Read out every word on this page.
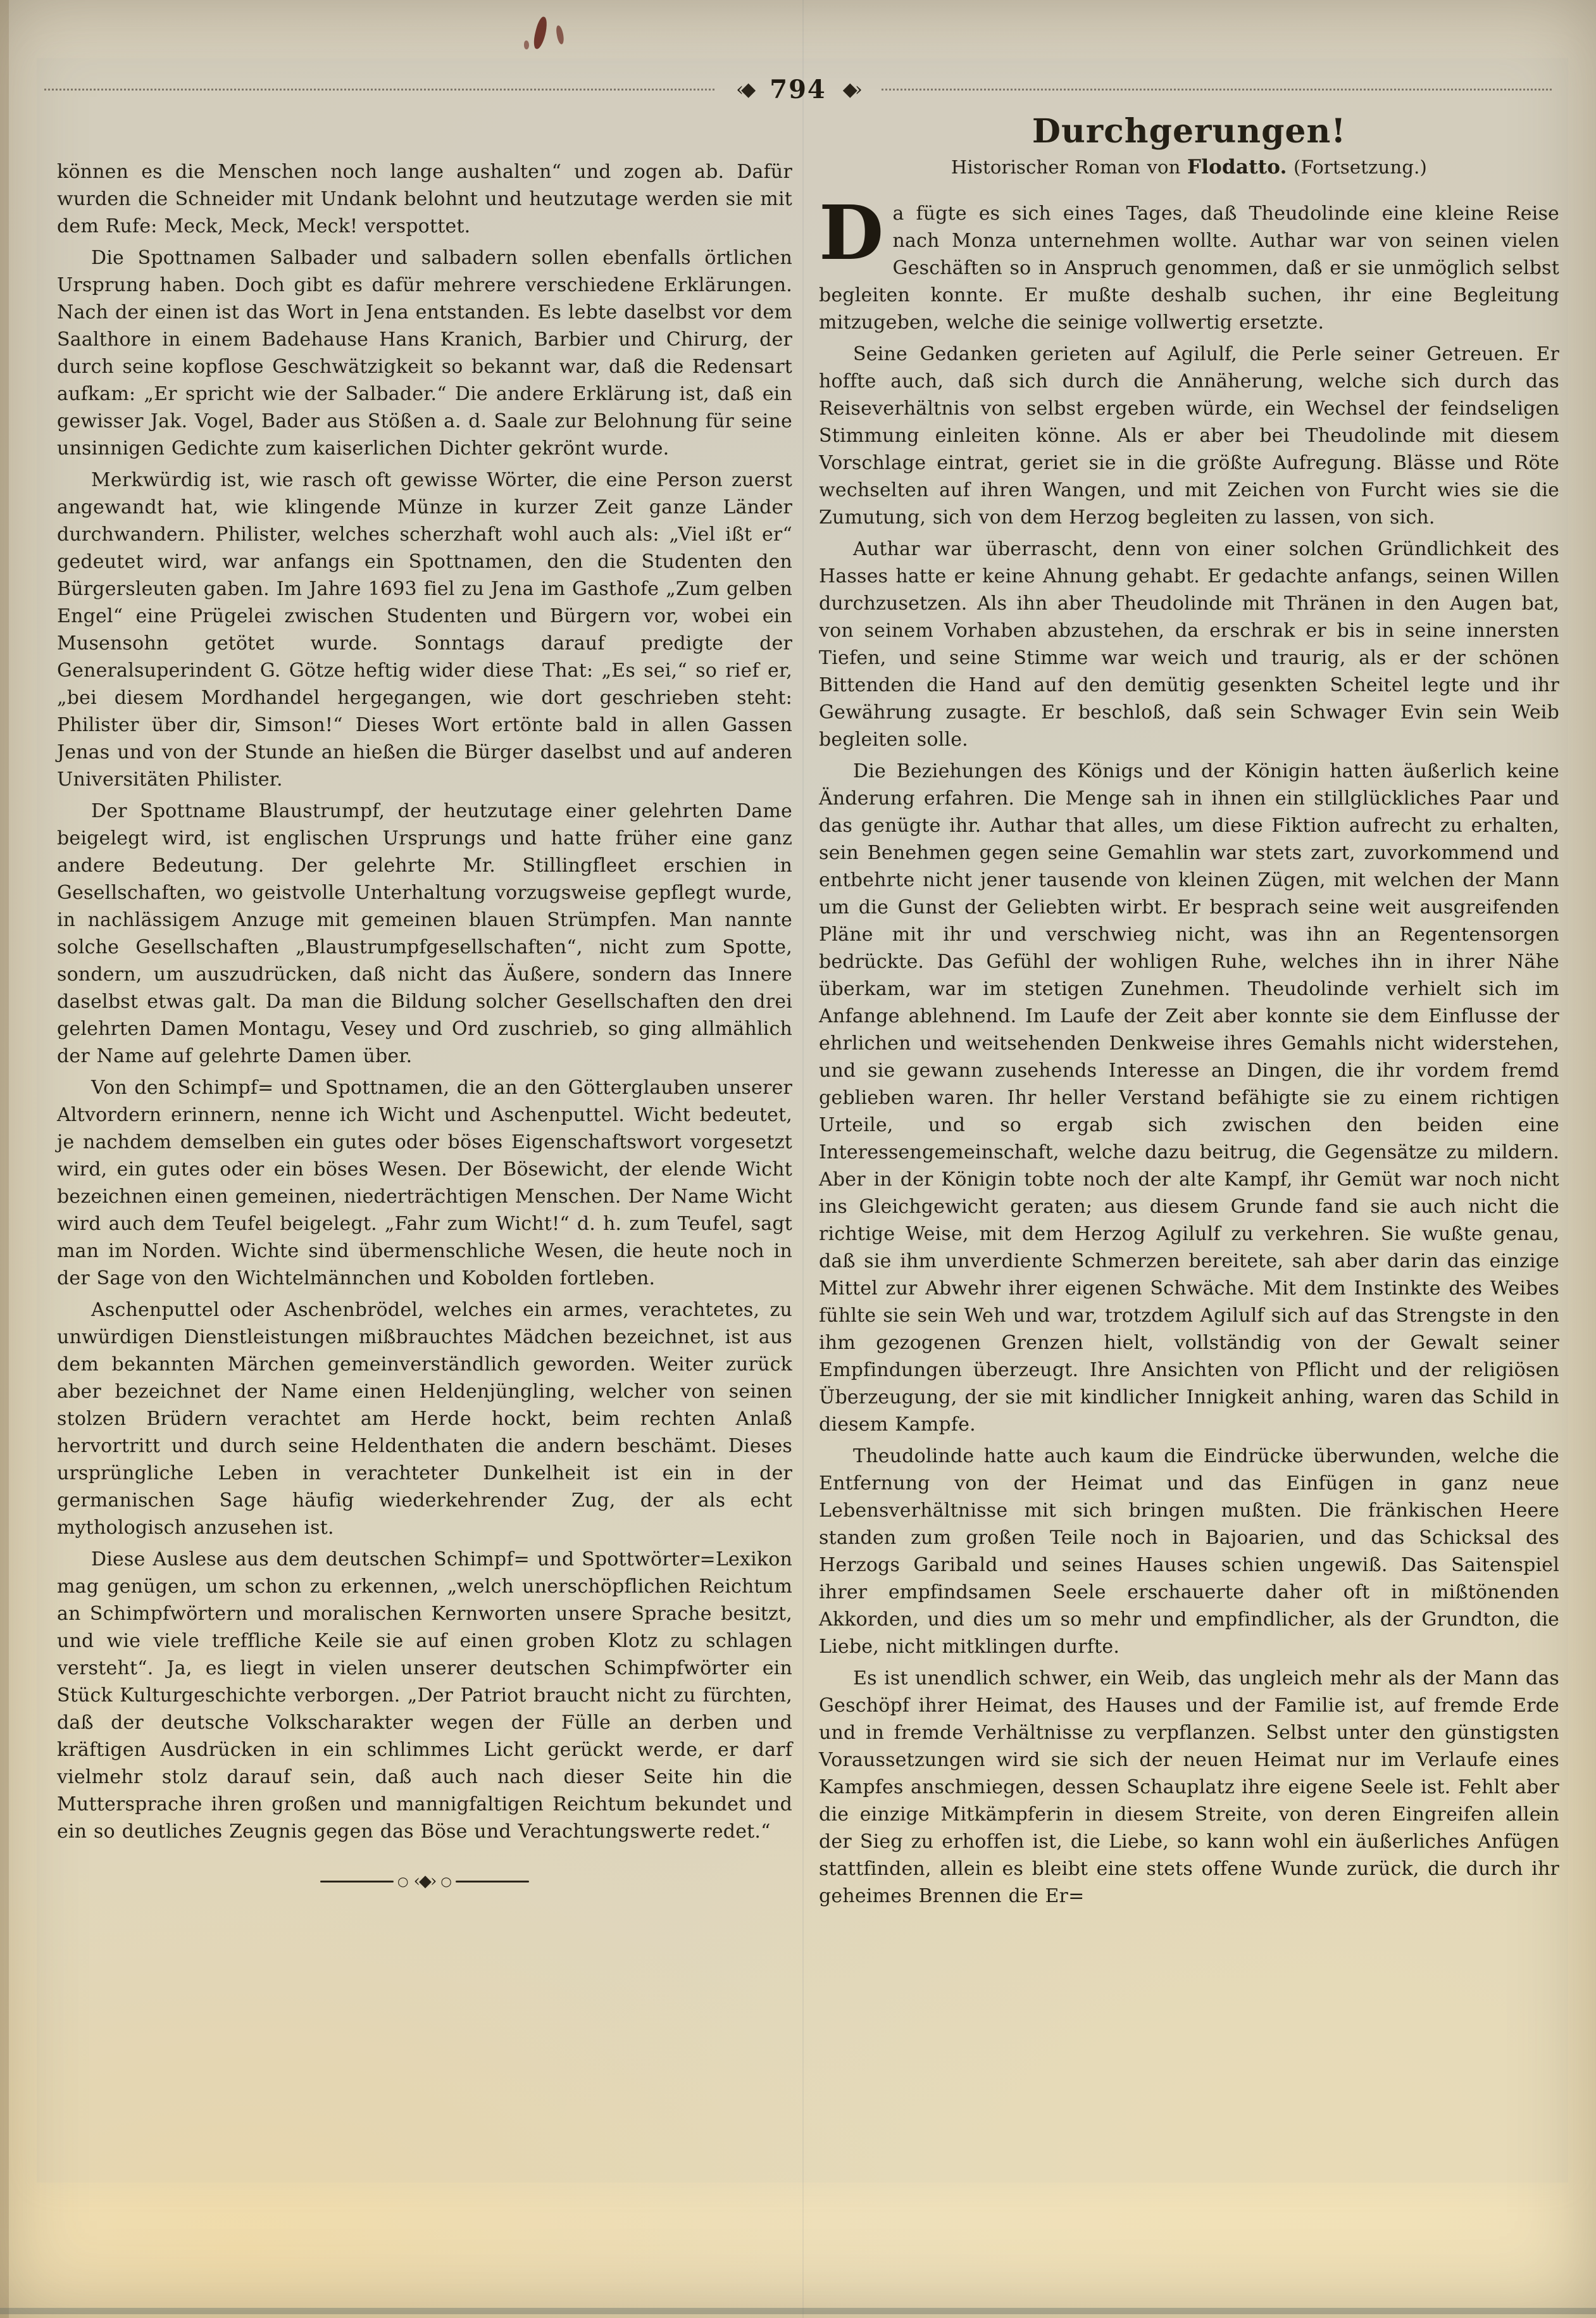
‹◆ 794 ◆›

können es die Menschen noch lange aushalten“ und zogen ab. Dafür wurden die Schneider mit Undank belohnt und heutzutage werden sie mit dem Rufe: Meck, Meck, Meck! verspottet.

Die Spottnamen Salbader und salbadern sollen ebenfalls örtlichen Ursprung haben. Doch gibt es dafür mehrere verschiedene Erklärungen. Nach der einen ist das Wort in Jena entstanden. Es lebte daselbst vor dem Saalthore in einem Badehause Hans Kranich, Barbier und Chirurg, der durch seine kopflose Geschwätzigkeit so bekannt war, daß die Redensart aufkam: „Er spricht wie der Salbader.“ Die andere Erklärung ist, daß ein gewisser Jak. Vogel, Bader aus Stößen a. d. Saale zur Belohnung für seine unsinnigen Gedichte zum kaiserlichen Dichter gekrönt wurde.

Merkwürdig ist, wie rasch oft gewisse Wörter, die eine Person zuerst angewandt hat, wie klingende Münze in kurzer Zeit ganze Länder durchwandern. Philister, welches scherzhaft wohl auch als: „Viel ißt er“ gedeutet wird, war anfangs ein Spottnamen, den die Studenten den Bürgersleuten gaben. Im Jahre 1693 fiel zu Jena im Gasthofe „Zum gelben Engel“ eine Prügelei zwischen Studenten und Bürgern vor, wobei ein Musensohn getötet wurde. Sonntags darauf predigte der Generalsuperindent G. Götze heftig wider diese That: „Es sei,“ so rief er, „bei diesem Mordhandel hergegangen, wie dort geschrieben steht: Philister über dir, Simson!“ Dieses Wort ertönte bald in allen Gassen Jenas und von der Stunde an hießen die Bürger daselbst und auf anderen Universitäten Philister.

Der Spottname Blaustrumpf, der heutzutage einer gelehrten Dame beigelegt wird, ist englischen Ursprungs und hatte früher eine ganz andere Bedeutung. Der gelehrte Mr. Stillingfleet erschien in Gesellschaften, wo geistvolle Unterhaltung vorzugsweise gepflegt wurde, in nachlässigem Anzuge mit gemeinen blauen Strümpfen. Man nannte solche Gesellschaften „Blaustrumpfgesellschaften“, nicht zum Spotte, sondern, um auszudrücken, daß nicht das Äußere, sondern das Innere daselbst etwas galt. Da man die Bildung solcher Gesellschaften den drei gelehrten Damen Montagu, Vesey und Ord zuschrieb, so ging allmählich der Name auf gelehrte Damen über.

Von den Schimpf= und Spottnamen, die an den Götterglauben unserer Altvordern erinnern, nenne ich Wicht und Aschenputtel. Wicht bedeutet, je nachdem demselben ein gutes oder böses Eigenschaftswort vorgesetzt wird, ein gutes oder ein böses Wesen. Der Bösewicht, der elende Wicht bezeichnen einen gemeinen, niederträchtigen Menschen. Der Name Wicht wird auch dem Teufel beigelegt. „Fahr zum Wicht!“ d. h. zum Teufel, sagt man im Norden. Wichte sind übermenschliche Wesen, die heute noch in der Sage von den Wichtelmännchen und Kobolden fortleben.

Aschenputtel oder Aschenbrödel, welches ein armes, verachtetes, zu unwürdigen Dienstleistungen mißbrauchtes Mädchen bezeichnet, ist aus dem bekannten Märchen gemeinverständlich geworden. Weiter zurück aber bezeichnet der Name einen Heldenjüngling, welcher von seinen stolzen Brüdern verachtet am Herde hockt, beim rechten Anlaß hervortritt und durch seine Heldenthaten die andern beschämt. Dieses ursprüngliche Leben in verachteter Dunkelheit ist ein in der germanischen Sage häufig wiederkehrender Zug, der als echt mythologisch anzusehen ist.

Diese Auslese aus dem deutschen Schimpf= und Spottwörter=Lexikon mag genügen, um schon zu erkennen, „welch unerschöpflichen Reichtum an Schimpfwörtern und moralischen Kernworten unsere Sprache besitzt, und wie viele treffliche Keile sie auf einen groben Klotz zu schlagen versteht“. Ja, es liegt in vielen unserer deutschen Schimpfwörter ein Stück Kulturgeschichte verborgen. „Der Patriot braucht nicht zu fürchten, daß der deutsche Volkscharakter wegen der Fülle an derben und kräftigen Ausdrücken in ein schlimmes Licht gerückt werde, er darf vielmehr stolz darauf sein, daß auch nach dieser Seite hin die Muttersprache ihren großen und mannigfaltigen Reichtum bekundet und ein so deutliches Zeugnis gegen das Böse und Verachtungswerte redet.“

○ ‹◆› ○

Durchgerungen!

Historischer Roman von Flodatto. (Fortsetzung.)

Da fügte es sich eines Tages, daß Theudolinde eine kleine Reise nach Monza unternehmen wollte. Authar war von seinen vielen Geschäften so in Anspruch genommen, daß er sie unmöglich selbst begleiten konnte. Er mußte deshalb suchen, ihr eine Begleitung mitzugeben, welche die seinige vollwertig ersetzte.

Seine Gedanken gerieten auf Agilulf, die Perle seiner Getreuen. Er hoffte auch, daß sich durch die Annäherung, welche sich durch das Reiseverhältnis von selbst ergeben würde, ein Wechsel der feindseligen Stimmung einleiten könne. Als er aber bei Theudolinde mit diesem Vorschlage eintrat, geriet sie in die größte Aufregung. Blässe und Röte wechselten auf ihren Wangen, und mit Zeichen von Furcht wies sie die Zumutung, sich von dem Herzog begleiten zu lassen, von sich.

Authar war überrascht, denn von einer solchen Gründlichkeit des Hasses hatte er keine Ahnung gehabt. Er gedachte anfangs, seinen Willen durchzusetzen. Als ihn aber Theudolinde mit Thränen in den Augen bat, von seinem Vorhaben abzustehen, da erschrak er bis in seine innersten Tiefen, und seine Stimme war weich und traurig, als er der schönen Bittenden die Hand auf den demütig gesenkten Scheitel legte und ihr Gewährung zusagte. Er beschloß, daß sein Schwager Evin sein Weib begleiten solle.

Die Beziehungen des Königs und der Königin hatten äußerlich keine Änderung erfahren. Die Menge sah in ihnen ein stillglückliches Paar und das genügte ihr. Authar that alles, um diese Fiktion aufrecht zu erhalten, sein Benehmen gegen seine Gemahlin war stets zart, zuvorkommend und entbehrte nicht jener tausende von kleinen Zügen, mit welchen der Mann um die Gunst der Geliebten wirbt. Er besprach seine weit ausgreifenden Pläne mit ihr und verschwieg nicht, was ihn an Regentensorgen bedrückte. Das Gefühl der wohligen Ruhe, welches ihn in ihrer Nähe überkam, war im stetigen Zunehmen. Theudolinde verhielt sich im Anfange ablehnend. Im Laufe der Zeit aber konnte sie dem Einflusse der ehrlichen und weitsehenden Denkweise ihres Gemahls nicht widerstehen, und sie gewann zusehends Interesse an Dingen, die ihr vordem fremd geblieben waren. Ihr heller Verstand befähigte sie zu einem richtigen Urteile, und so ergab sich zwischen den beiden eine Interessengemeinschaft, welche dazu beitrug, die Gegensätze zu mildern. Aber in der Königin tobte noch der alte Kampf, ihr Gemüt war noch nicht ins Gleichgewicht geraten; aus diesem Grunde fand sie auch nicht die richtige Weise, mit dem Herzog Agilulf zu verkehren. Sie wußte genau, daß sie ihm unverdiente Schmerzen bereitete, sah aber darin das einzige Mittel zur Abwehr ihrer eigenen Schwäche. Mit dem Instinkte des Weibes fühlte sie sein Weh und war, trotzdem Agilulf sich auf das Strengste in den ihm gezogenen Grenzen hielt, vollständig von der Gewalt seiner Empfindungen überzeugt. Ihre Ansichten von Pflicht und der religiösen Überzeugung, der sie mit kindlicher Innigkeit anhing, waren das Schild in diesem Kampfe.

Theudolinde hatte auch kaum die Eindrücke überwunden, welche die Entfernung von der Heimat und das Einfügen in ganz neue Lebensverhältnisse mit sich bringen mußten. Die fränkischen Heere standen zum großen Teile noch in Bajoarien, und das Schicksal des Herzogs Garibald und seines Hauses schien ungewiß. Das Saitenspiel ihrer empfindsamen Seele erschauerte daher oft in mißtönenden Akkorden, und dies um so mehr und empfindlicher, als der Grundton, die Liebe, nicht mitklingen durfte.

Es ist unendlich schwer, ein Weib, das ungleich mehr als der Mann das Geschöpf ihrer Heimat, des Hauses und der Familie ist, auf fremde Erde und in fremde Verhältnisse zu verpflanzen. Selbst unter den günstigsten Voraussetzungen wird sie sich der neuen Heimat nur im Verlaufe eines Kampfes anschmiegen, dessen Schauplatz ihre eigene Seele ist. Fehlt aber die einzige Mitkämpferin in diesem Streite, von deren Eingreifen allein der Sieg zu erhoffen ist, die Liebe, so kann wohl ein äußerliches Anfügen stattfinden, allein es bleibt eine stets offene Wunde zurück, die durch ihr geheimes Brennen die Er=
